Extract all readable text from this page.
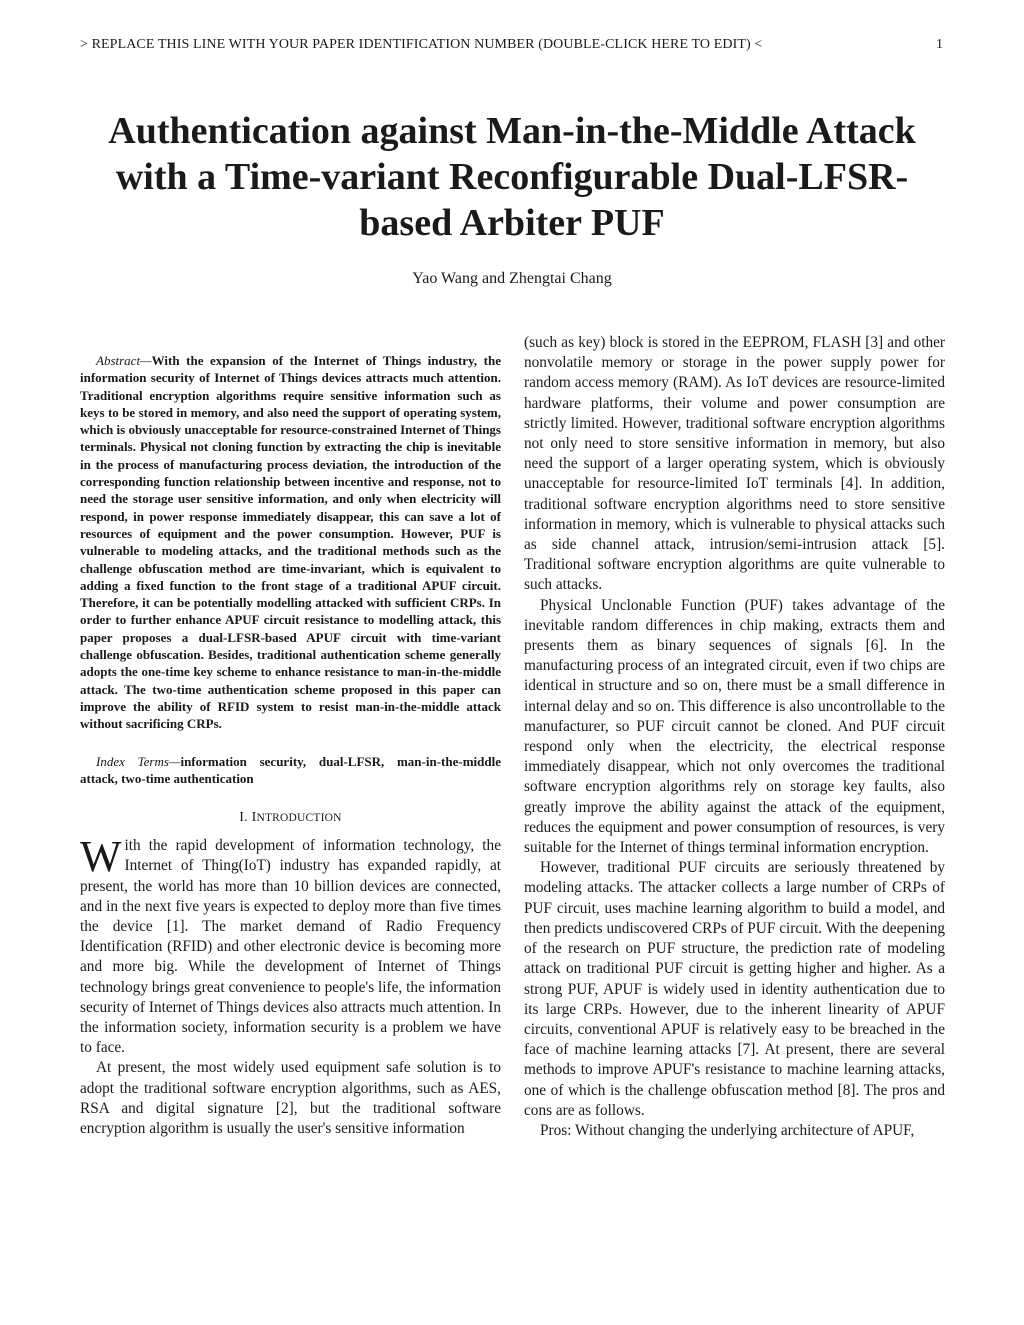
> REPLACE THIS LINE WITH YOUR PAPER IDENTIFICATION NUMBER (DOUBLE-CLICK HERE TO EDIT) <	1
Authentication against Man-in-the-Middle Attack with a Time-variant Reconfigurable Dual-LFSR-based Arbiter PUF
Yao Wang and Zhengtai Chang

Abstract—With the expansion of the Internet of Things industry, the information security of Internet of Things devices attracts much attention. Traditional encryption algorithms require sensitive information such as keys to be stored in memory, and also need the support of operating system, which is obviously unacceptable for resource-constrained Internet of Things terminals. Physical not cloning function by extracting the chip is inevitable in the process of manufacturing process deviation, the introduction of the corresponding function relationship between incentive and response, not to need the storage user sensitive information, and only when electricity will respond, in power response immediately disappear, this can save a lot of resources of equipment and the power consumption. However, PUF is vulnerable to modeling attacks, and the traditional methods such as the challenge obfuscation method are time-invariant, which is equivalent to adding a fixed function to the front stage of a traditional APUF circuit. Therefore, it can be potentially modelling attacked with sufficient CRPs. In order to further enhance APUF circuit resistance to modelling attack, this paper proposes a dual-LFSR-based APUF circuit with time-variant challenge obfuscation. Besides, traditional authentication scheme generally adopts the one-time key scheme to enhance resistance to man-in-the-middle attack. The two-time authentication scheme proposed in this paper can improve the ability of RFID system to resist man-in-the-middle attack without sacrificing CRPs.

Index Terms—information security, dual-LFSR, man-in-the-middle attack, two-time authentication

I. INTRODUCTION

With the rapid development of information technology, the Internet of Thing(IoT) industry has expanded rapidly, at present, the world has more than 10 billion devices are connected, and in the next five years is expected to deploy more than five times the device [1]. The market demand of Radio Frequency Identification (RFID) and other electronic device is becoming more and more big. While the development of Internet of Things technology brings great convenience to people's life, the information security of Internet of Things devices also attracts much attention. In the information society, information security is a problem we have to face.

At present, the most widely used equipment safe solution is to adopt the traditional software encryption algorithms, such as AES, RSA and digital signature [2], but the traditional software encryption algorithm is usually the user's sensitive information

(such as key) block is stored in the EEPROM, FLASH [3] and other nonvolatile memory or storage in the power supply power for random access memory (RAM). As IoT devices are resource-limited hardware platforms, their volume and power consumption are strictly limited. However, traditional software encryption algorithms not only need to store sensitive information in memory, but also need the support of a larger operating system, which is obviously unacceptable for resource-limited IoT terminals [4]. In addition, traditional software encryption algorithms need to store sensitive information in memory, which is vulnerable to physical attacks such as side channel attack, intrusion/semi-intrusion attack [5]. Traditional software encryption algorithms are quite vulnerable to such attacks.

Physical Unclonable Function (PUF) takes advantage of the inevitable random differences in chip making, extracts them and presents them as binary sequences of signals [6]. In the manufacturing process of an integrated circuit, even if two chips are identical in structure and so on, there must be a small difference in internal delay and so on. This difference is also uncontrollable to the manufacturer, so PUF circuit cannot be cloned. And PUF circuit respond only when the electricity, the electrical response immediately disappear, which not only overcomes the traditional software encryption algorithms rely on storage key faults, also greatly improve the ability against the attack of the equipment, reduces the equipment and power consumption of resources, is very suitable for the Internet of things terminal information encryption.

However, traditional PUF circuits are seriously threatened by modeling attacks. The attacker collects a large number of CRPs of PUF circuit, uses machine learning algorithm to build a model, and then predicts undiscovered CRPs of PUF circuit. With the deepening of the research on PUF structure, the prediction rate of modeling attack on traditional PUF circuit is getting higher and higher. As a strong PUF, APUF is widely used in identity authentication due to its large CRPs. However, due to the inherent linearity of APUF circuits, conventional APUF is relatively easy to be breached in the face of machine learning attacks [7]. At present, there are several methods to improve APUF's resistance to machine learning attacks, one of which is the challenge obfuscation method [8]. The pros and cons are as follows.

Pros: Without changing the underlying architecture of APUF,
